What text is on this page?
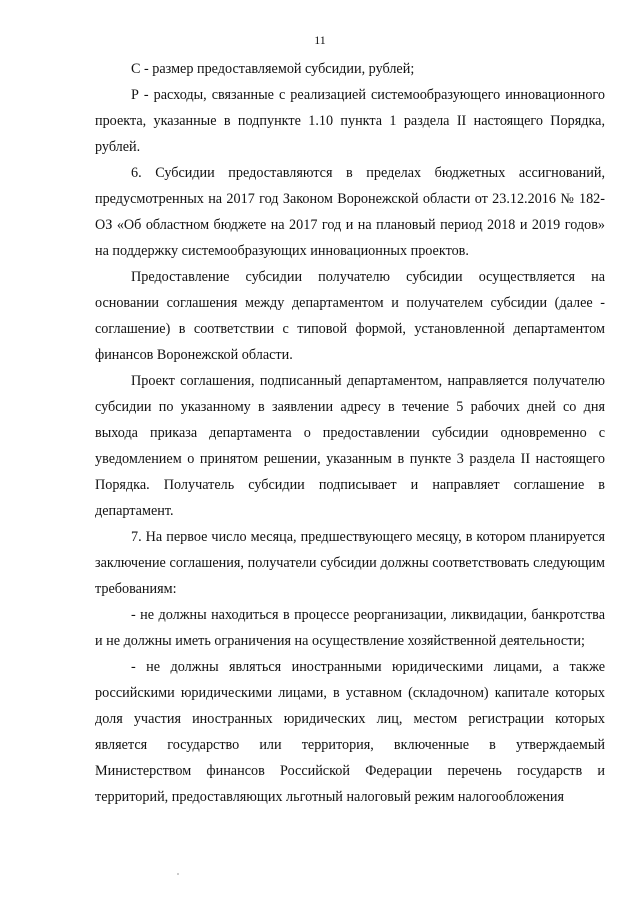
11

С - размер предоставляемой субсидии, рублей;

Р - расходы, связанные с реализацией системообразующего инновационного проекта, указанные в подпункте 1.10 пункта 1 раздела II настоящего Порядка, рублей.

6. Субсидии предоставляются в пределах бюджетных ассигнований, предусмотренных на 2017 год Законом Воронежской области от 23.12.2016 № 182-ОЗ «Об областном бюджете на 2017 год и на плановый период 2018 и 2019 годов» на поддержку системообразующих инновационных проектов.

Предоставление субсидии получателю субсидии осуществляется на основании соглашения между департаментом и получателем субсидии (далее - соглашение) в соответствии с типовой формой, установленной департаментом финансов Воронежской области.

Проект соглашения, подписанный департаментом, направляется получателю субсидии по указанному в заявлении адресу в течение 5 рабочих дней со дня выхода приказа департамента о предоставлении субсидии одновременно с уведомлением о принятом решении, указанным в пункте 3 раздела II настоящего Порядка. Получатель субсидии подписывает и направляет соглашение в департамент.

7. На первое число месяца, предшествующего месяцу, в котором планируется заключение соглашения, получатели субсидии должны соответствовать следующим требованиям:

- не должны находиться в процессе реорганизации, ликвидации, банкротства и не должны иметь ограничения на осуществление хозяйственной деятельности;

- не должны являться иностранными юридическими лицами, а также российскими юридическими лицами, в уставном (складочном) капитале которых доля участия иностранных юридических лиц, местом регистрации которых является государство или территория, включенные в утверждаемый Министерством финансов Российской Федерации перечень государств и территорий, предоставляющих льготный налоговый режим налогообложения
